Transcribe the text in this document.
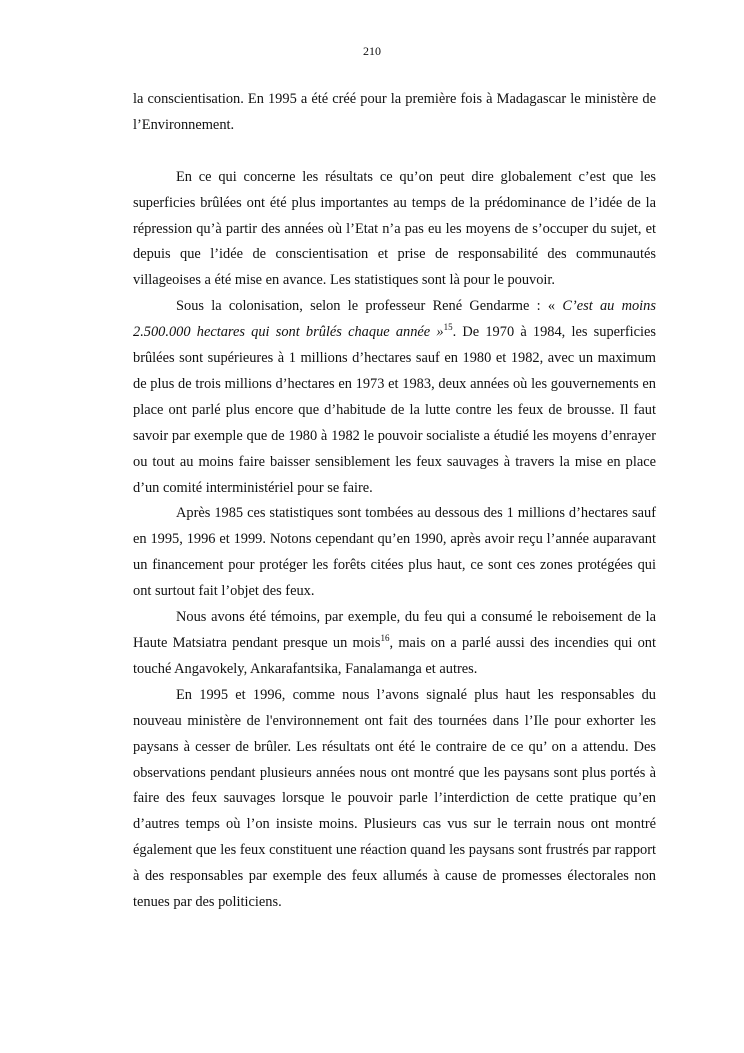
210

la conscientisation. En 1995 a été créé pour la première fois à Madagascar le ministère de l’Environnement.

En ce qui concerne les résultats ce qu’on peut dire globalement c’est que les superficies brûlées ont été plus importantes au temps de la prédominance de l’idée de la répression qu’à partir des années où l’Etat n’a pas eu les moyens de s’occuper du sujet, et depuis que l’idée de conscientisation et prise de responsabilité des communautés villageoises a été mise en avance. Les statistiques sont là pour le pouvoir.

Sous la colonisation, selon le professeur René Gendarme : « C’est au moins 2.500.000 hectares qui sont brûlés chaque année »$^{15}$. De 1970 à 1984, les superficies brûlées sont supérieures à 1 millions d’hectares sauf en 1980 et 1982, avec un maximum de plus de trois millions d’hectares en 1973 et 1983, deux années où les gouvernements en place ont parlé plus encore que d’habitude de la lutte contre les feux de brousse. Il faut savoir par exemple que de 1980 à 1982 le pouvoir socialiste a étudié les moyens d’enrayer ou tout au moins faire baisser sensiblement les feux sauvages à travers la mise en place d’un comité interministériel pour se faire.

Après 1985 ces statistiques sont tombées au dessous des 1 millions d’hectares sauf en 1995, 1996 et 1999. Notons cependant qu’en 1990, après avoir reçu l’année auparavant un financement pour protéger les forêts citées plus haut, ce sont ces zones protégées qui ont surtout fait l’objet des feux.

Nous avons été témoins, par exemple, du feu qui a consumé le reboisement de la Haute Matsiatra pendant presque un mois$^{16}$, mais on a parlé aussi des incendies qui ont touché Angavokely, Ankarafantsika, Fanalamanga et autres.

En 1995 et 1996, comme nous l’avons signalé plus haut les responsables du nouveau ministère de l'environnement ont fait des tournées dans l’Ile pour exhorter les paysans à cesser de brûler. Les résultats ont été le contraire de ce qu’ on a attendu. Des observations pendant plusieurs années nous ont montré que les paysans sont plus portés à faire des feux sauvages lorsque le pouvoir parle l’interdiction de cette pratique qu’en d’autres temps où l’on insiste moins. Plusieurs cas vus sur le terrain nous ont montré également que les feux constituent une réaction quand les paysans sont frustrés par rapport à des responsables par exemple des feux allumés à cause de promesses électorales non tenues par des politiciens.
